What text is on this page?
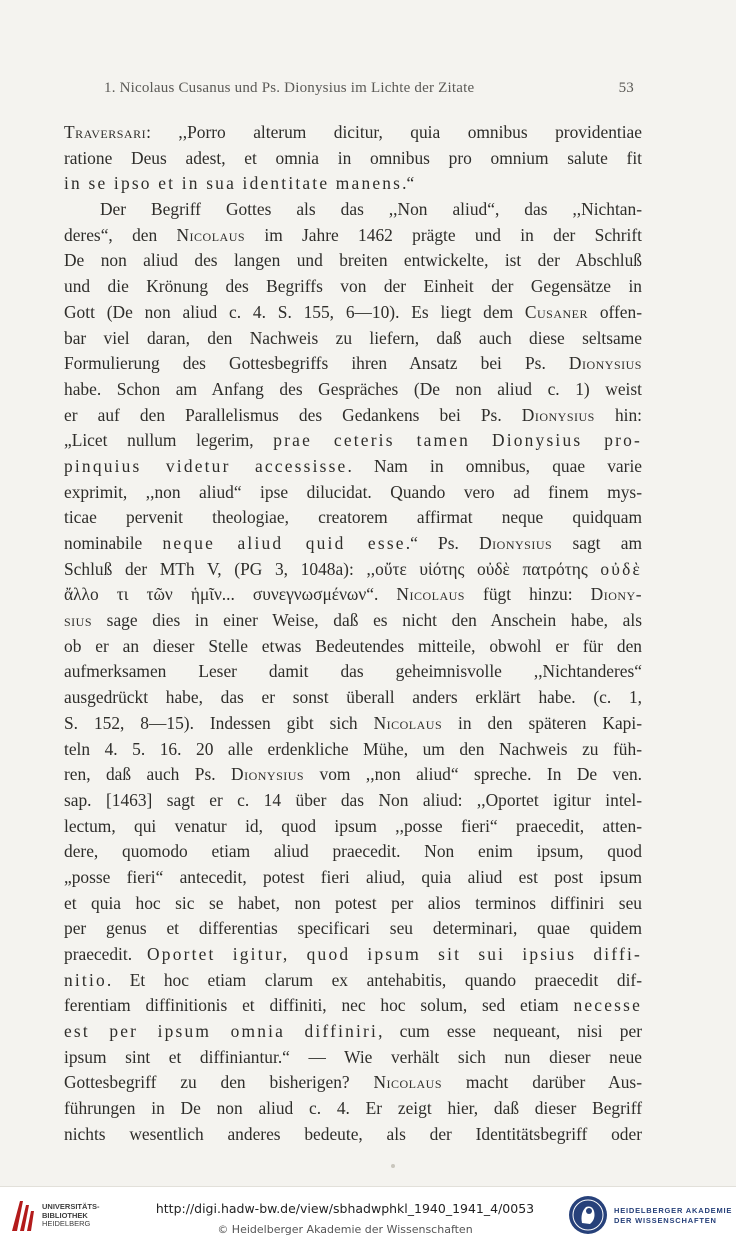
1. Nicolaus Cusanus und Ps. Dionysius im Lichte der Zitate	53
Traversari: ,,Porro alterum dicitur, quia omnibus providentiae
ratione Deus adest, et omnia in omnibus pro omnium salute fit
in se ipso et in sua identitate manens.“
Der Begriff Gottes als das ,,Non aliud“, das ,,Nichtan-
deres“, den Nicolaus im Jahre 1462 prägte und in der Schrift
De non aliud des langen und breiten entwickelte, ist der Abschluß
und die Krönung des Begriffs von der Einheit der Gegensätze in
Gott (De non aliud c. 4. S. 155, 6—10). Es liegt dem Cusaner offen-
bar viel daran, den Nachweis zu liefern, daß auch diese seltsame
Formulierung des Gottesbegriffs ihren Ansatz bei Ps. Dionysius
habe. Schon am Anfang des Gespräches (De non aliud c. 1) weist
er auf den Parallelismus des Gedankens bei Ps. Dionysius hin:
„Licet nullum legerim, prae ceteris tamen Dionysius pro-
pinquius videtur accessisse. Nam in omnibus, quae varie
exprimit, ,,non aliud“ ipse dilucidat. Quando vero ad finem mys-
ticae pervenit theologiae, creatorem affirmat neque quidquam
nominabile neque aliud quid esse.“ Ps. Dionysius sagt am
Schluß der MTh V, (PG 3, 1048a): ,,οὔτε υἱότης οὐδὲ πατρότης οὐδὲ
ἄλλο τι τῶν ἡμῖν... συνεγνωσμένων“. Nicolaus fügt hinzu: Diony-
sius sage dies in einer Weise, daß es nicht den Anschein habe, als
ob er an dieser Stelle etwas Bedeutendes mitteile, obwohl er für den
aufmerksamen Leser damit das geheimnisvolle ,,Nichtanderes“
ausgedrückt habe, das er sonst überall anders erklärt habe. (c. 1,
S. 152, 8—15). Indessen gibt sich Nicolaus in den späteren Kapi-
teln 4. 5. 16. 20 alle erdenkliche Mühe, um den Nachweis zu füh-
ren, daß auch Ps. Dionysius vom ,,non aliud“ spreche. In De ven.
sap. [1463] sagt er c. 14 über das Non aliud: ,,Oportet igitur intel-
lectum, qui venatur id, quod ipsum ,,posse fieri“ praecedit, atten-
dere, quomodo etiam aliud praecedit. Non enim ipsum, quod
„posse fieri“ antecedit, potest fieri aliud, quia aliud est post ipsum
et quia hoc sic se habet, non potest per alios terminos diffiniri seu
per genus et differentias specificari seu determinari, quae quidem
praecedit. Oportet igitur, quod ipsum sit sui ipsius diffi-
nitio. Et hoc etiam clarum ex antehabitis, quando praecedit dif-
ferentiam diffinitionis et diffiniti, nec hoc solum, sed etiam necesse
est per ipsum omnia diffiniri, cum esse nequeant, nisi per
ipsum sint et diffiniantur.“ — Wie verhält sich nun dieser neue
Gottesbegriff zu den bisherigen? Nicolaus macht darüber Aus-
führungen in De non aliud c. 4. Er zeigt hier, daß dieser Begriff
nichts wesentlich anderes bedeute, als der Identitätsbegriff oder
UNIVERSITÄTS-
BIBLIOTHEK
HEIDELBERG
http://digi.hadw-bw.de/view/sbhadwphkl_1940_1941_4/0053
© Heidelberger Akademie der Wissenschaften
HEIDELBERGER AKADEMIE
DER WISSENSCHAFTEN
